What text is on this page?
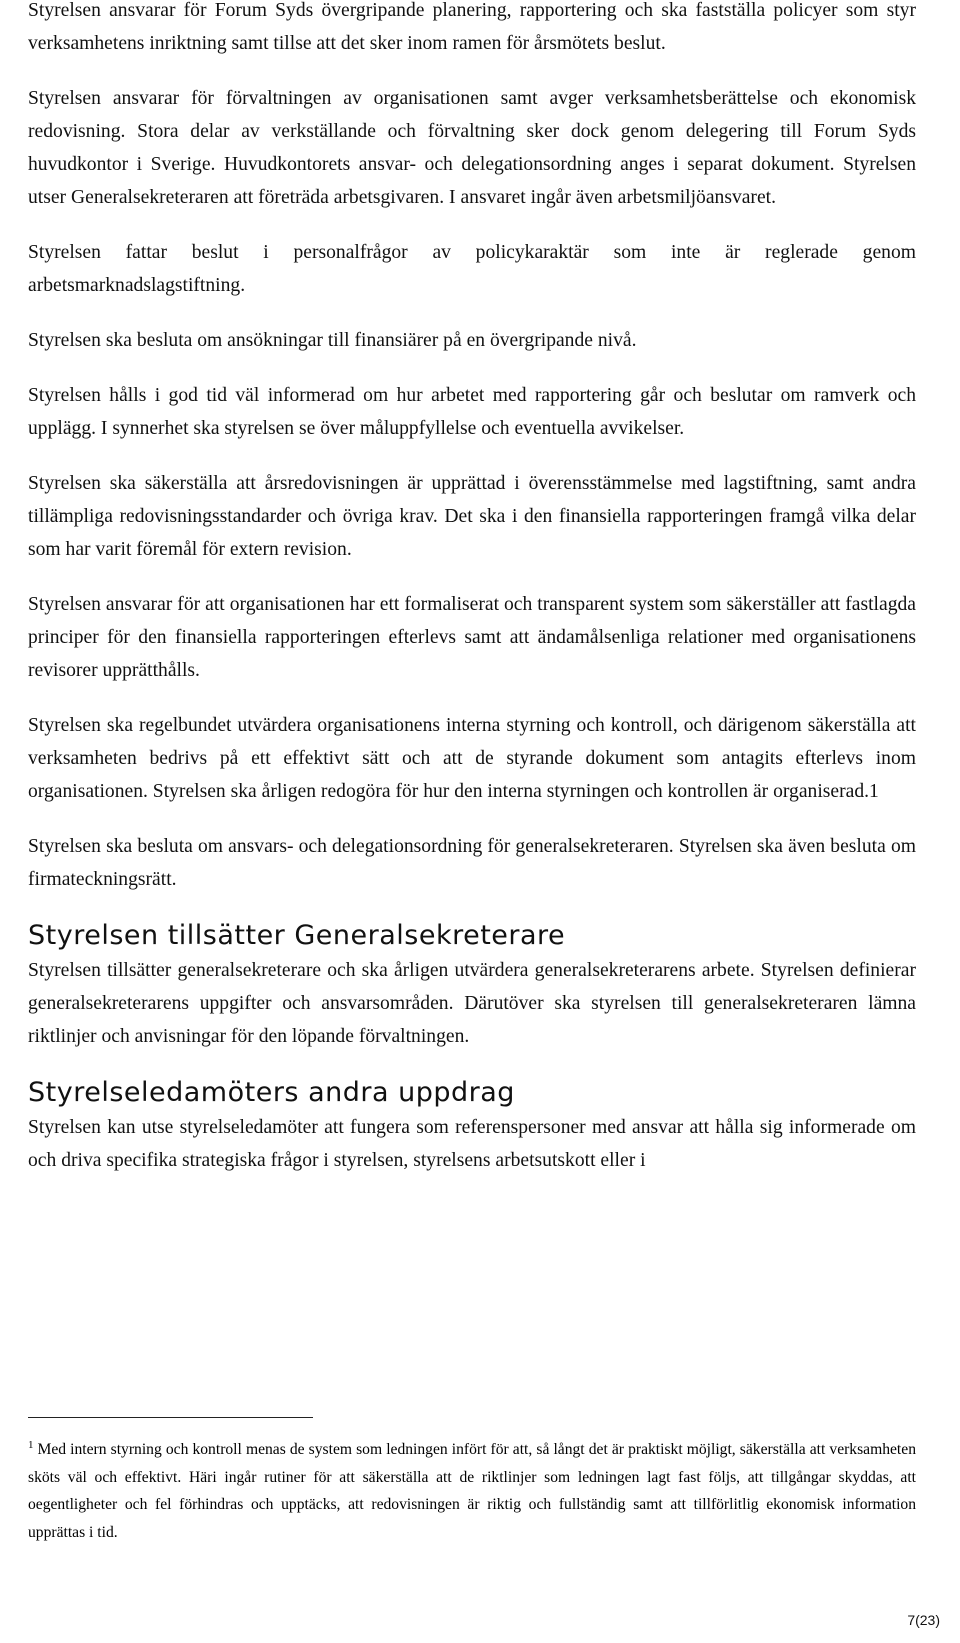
Styrelsen ansvarar för Forum Syds övergripande planering, rapportering och ska fastställa policyer som styr verksamhetens inriktning samt tillse att det sker inom ramen för årsmötets beslut.

Styrelsen ansvarar för förvaltningen av organisationen samt avger verksamhetsberättelse och ekonomisk redovisning. Stora delar av verkställande och förvaltning sker dock genom delegering till Forum Syds huvudkontor i Sverige. Huvudkontorets ansvar- och delegationsordning anges i separat dokument. Styrelsen utser Generalsekreteraren att företräda arbetsgivaren. I ansvaret ingår även arbetsmiljöansvaret.

Styrelsen fattar beslut i personalfrågor av policykaraktär som inte är reglerade genom arbetsmarknadslagstiftning.

Styrelsen ska besluta om ansökningar till finansiärer på en övergripande nivå.

Styrelsen hålls i god tid väl informerad om hur arbetet med rapportering går och beslutar om ramverk och upplägg. I synnerhet ska styrelsen se över måluppfyllelse och eventuella avvikelser.

Styrelsen ska säkerställa att årsredovisningen är upprättad i överensstämmelse med lagstiftning, samt andra tillämpliga redovisningsstandarder och övriga krav. Det ska i den finansiella rapporteringen framgå vilka delar som har varit föremål för extern revision.

Styrelsen ansvarar för att organisationen har ett formaliserat och transparent system som säkerställer att fastlagda principer för den finansiella rapporteringen efterlevs samt att ändamålsenliga relationer med organisationens revisorer upprätthålls.

Styrelsen ska regelbundet utvärdera organisationens interna styrning och kontroll, och därigenom säkerställa att verksamheten bedrivs på ett effektivt sätt och att de styrande dokument som antagits efterlevs inom organisationen. Styrelsen ska årligen redogöra för hur den interna styrningen och kontrollen är organiserad.1

Styrelsen ska besluta om ansvars- och delegationsordning för generalsekreteraren. Styrelsen ska även besluta om firmateckningsrätt.

Styrelsen tillsätter Generalsekreterare

Styrelsen tillsätter generalsekreterare och ska årligen utvärdera generalsekreterarens arbete. Styrelsen definierar generalsekreterarens uppgifter och ansvarsområden. Därutöver ska styrelsen till generalsekreteraren lämna riktlinjer och anvisningar för den löpande förvaltningen.

Styrelseledamöters andra uppdrag

Styrelsen kan utse styrelseledamöter att fungera som referenspersoner med ansvar att hålla sig informerade om och driva specifika strategiska frågor i styrelsen, styrelsens arbetsutskott eller i

$^1$ Med intern styrning och kontroll menas de system som ledningen infört för att, så långt det är praktiskt möjligt, säkerställa att verksamheten sköts väl och effektivt. Häri ingår rutiner för att säkerställa att de riktlinjer som ledningen lagt fast följs, att tillgångar skyddas, att oegentligheter och fel förhindras och upptäcks, att redovisningen är riktig och fullständig samt att tillförlitlig ekonomisk information upprättas i tid.
7(23)
